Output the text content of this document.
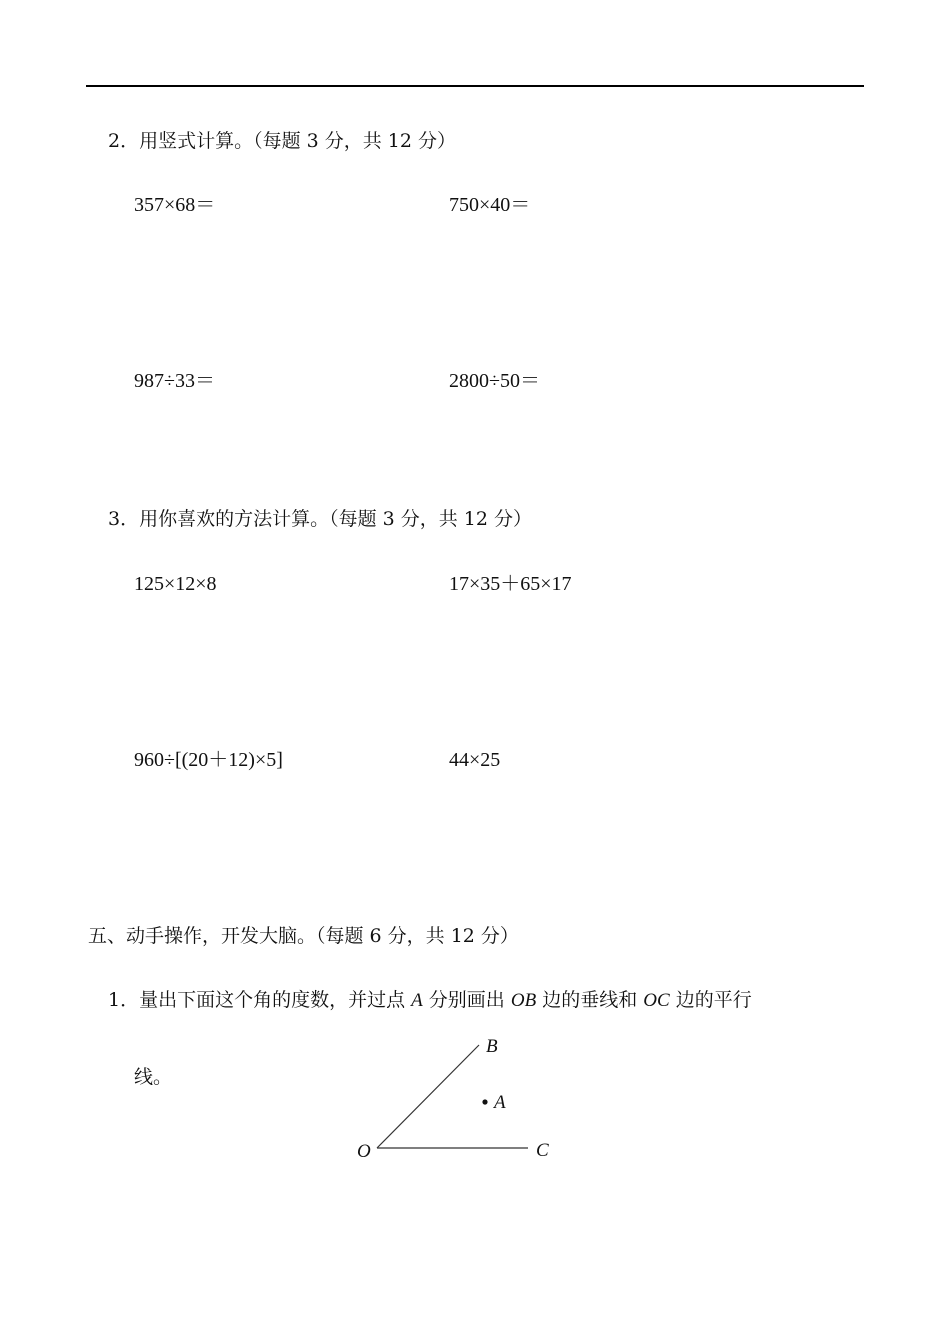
2．用竖式计算。（每题 3 分，共 12 分）
357×68＝	750×40＝
987÷33＝	2800÷50＝
3．用你喜欢的方法计算。（每题 3 分，共 12 分）
125×12×8	17×35＋65×17
960÷[(20＋12)×5]	44×25
五、动手操作，开发大脑。（每题 6 分，共 12 分）
1．量出下面这个角的度数，并过点 A 分别画出 OB 边的垂线和 OC 边的平行
线。
O
B
A
C
